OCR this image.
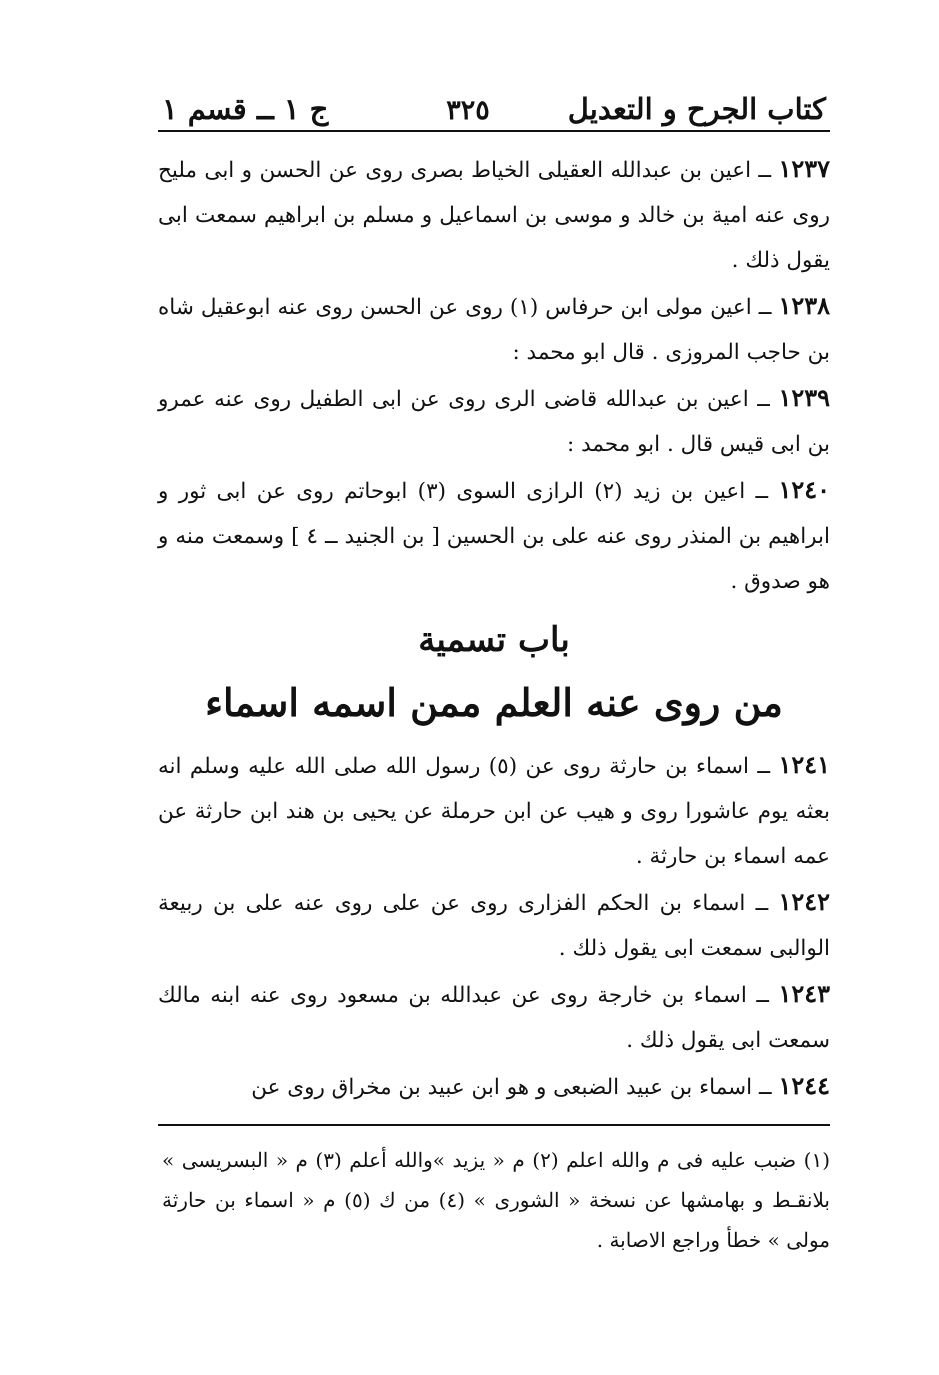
كتاب الجرح و التعديل
٣٢٥
ج ١ ــ قسم ١

١٢٣٧ ــ اعين بن عبدالله العقيلى الخياط بصرى روى عن الحسن و ابى مليح روى عنه امية بن خالد و موسى بن اسماعيل و مسلم بن ابراهيم سمعت ابى يقول ذلك .

١٢٣٨ ــ اعين مولى ابن حرفاس (١) روى عن الحسن روى عنه ابوعقيل شاه بن حاجب المروزى . قال ابو محمد :

١٢٣٩ ــ اعين بن عبدالله قاضى الرى روى عن ابى الطفيل روى عنه عمرو بن ابى قيس قال . ابو محمد :

١٢٤٠ ــ اعين بن زيد (٢) الرازى السوى (٣) ابوحاتم روى عن ابى ثور و ابراهيم بن المنذر روى عنه على بن الحسين [ بن الجنيد ــ ٤ ] وسمعت منه و هو صدوق .

باب تسمية
من روى عنه العلم ممن اسمه اسماء

١٢٤١ ــ اسماء بن حارثة روى عن (٥) رسول الله صلى الله عليه وسلم انه بعثه يوم عاشورا روى و هيب عن ابن حرملة عن يحيى بن هند ابن حارثة عن عمه اسماء بن حارثة .

١٢٤٢ ــ اسماء بن الحكم الفزارى روى عن على روى عنه على بن ربيعة الوالبى سمعت ابى يقول ذلك .

١٢٤٣ ــ اسماء بن خارجة روى عن عبدالله بن مسعود روى عنه ابنه مالك سمعت ابى يقول ذلك .

١٢٤٤ ــ اسماء بن عبيد الضبعى و هو ابن عبيد بن مخراق روى عن

(١) ضبب عليه فى م والله اعلم (٢) م « يزيد »والله أعلم (٣) م « البسريسى » بلانقـط و بهامشها عن نسخة « الشورى » (٤) من ك (٥) م « اسماء بن حارثة مولى » خطأ وراجع الاصابة .
